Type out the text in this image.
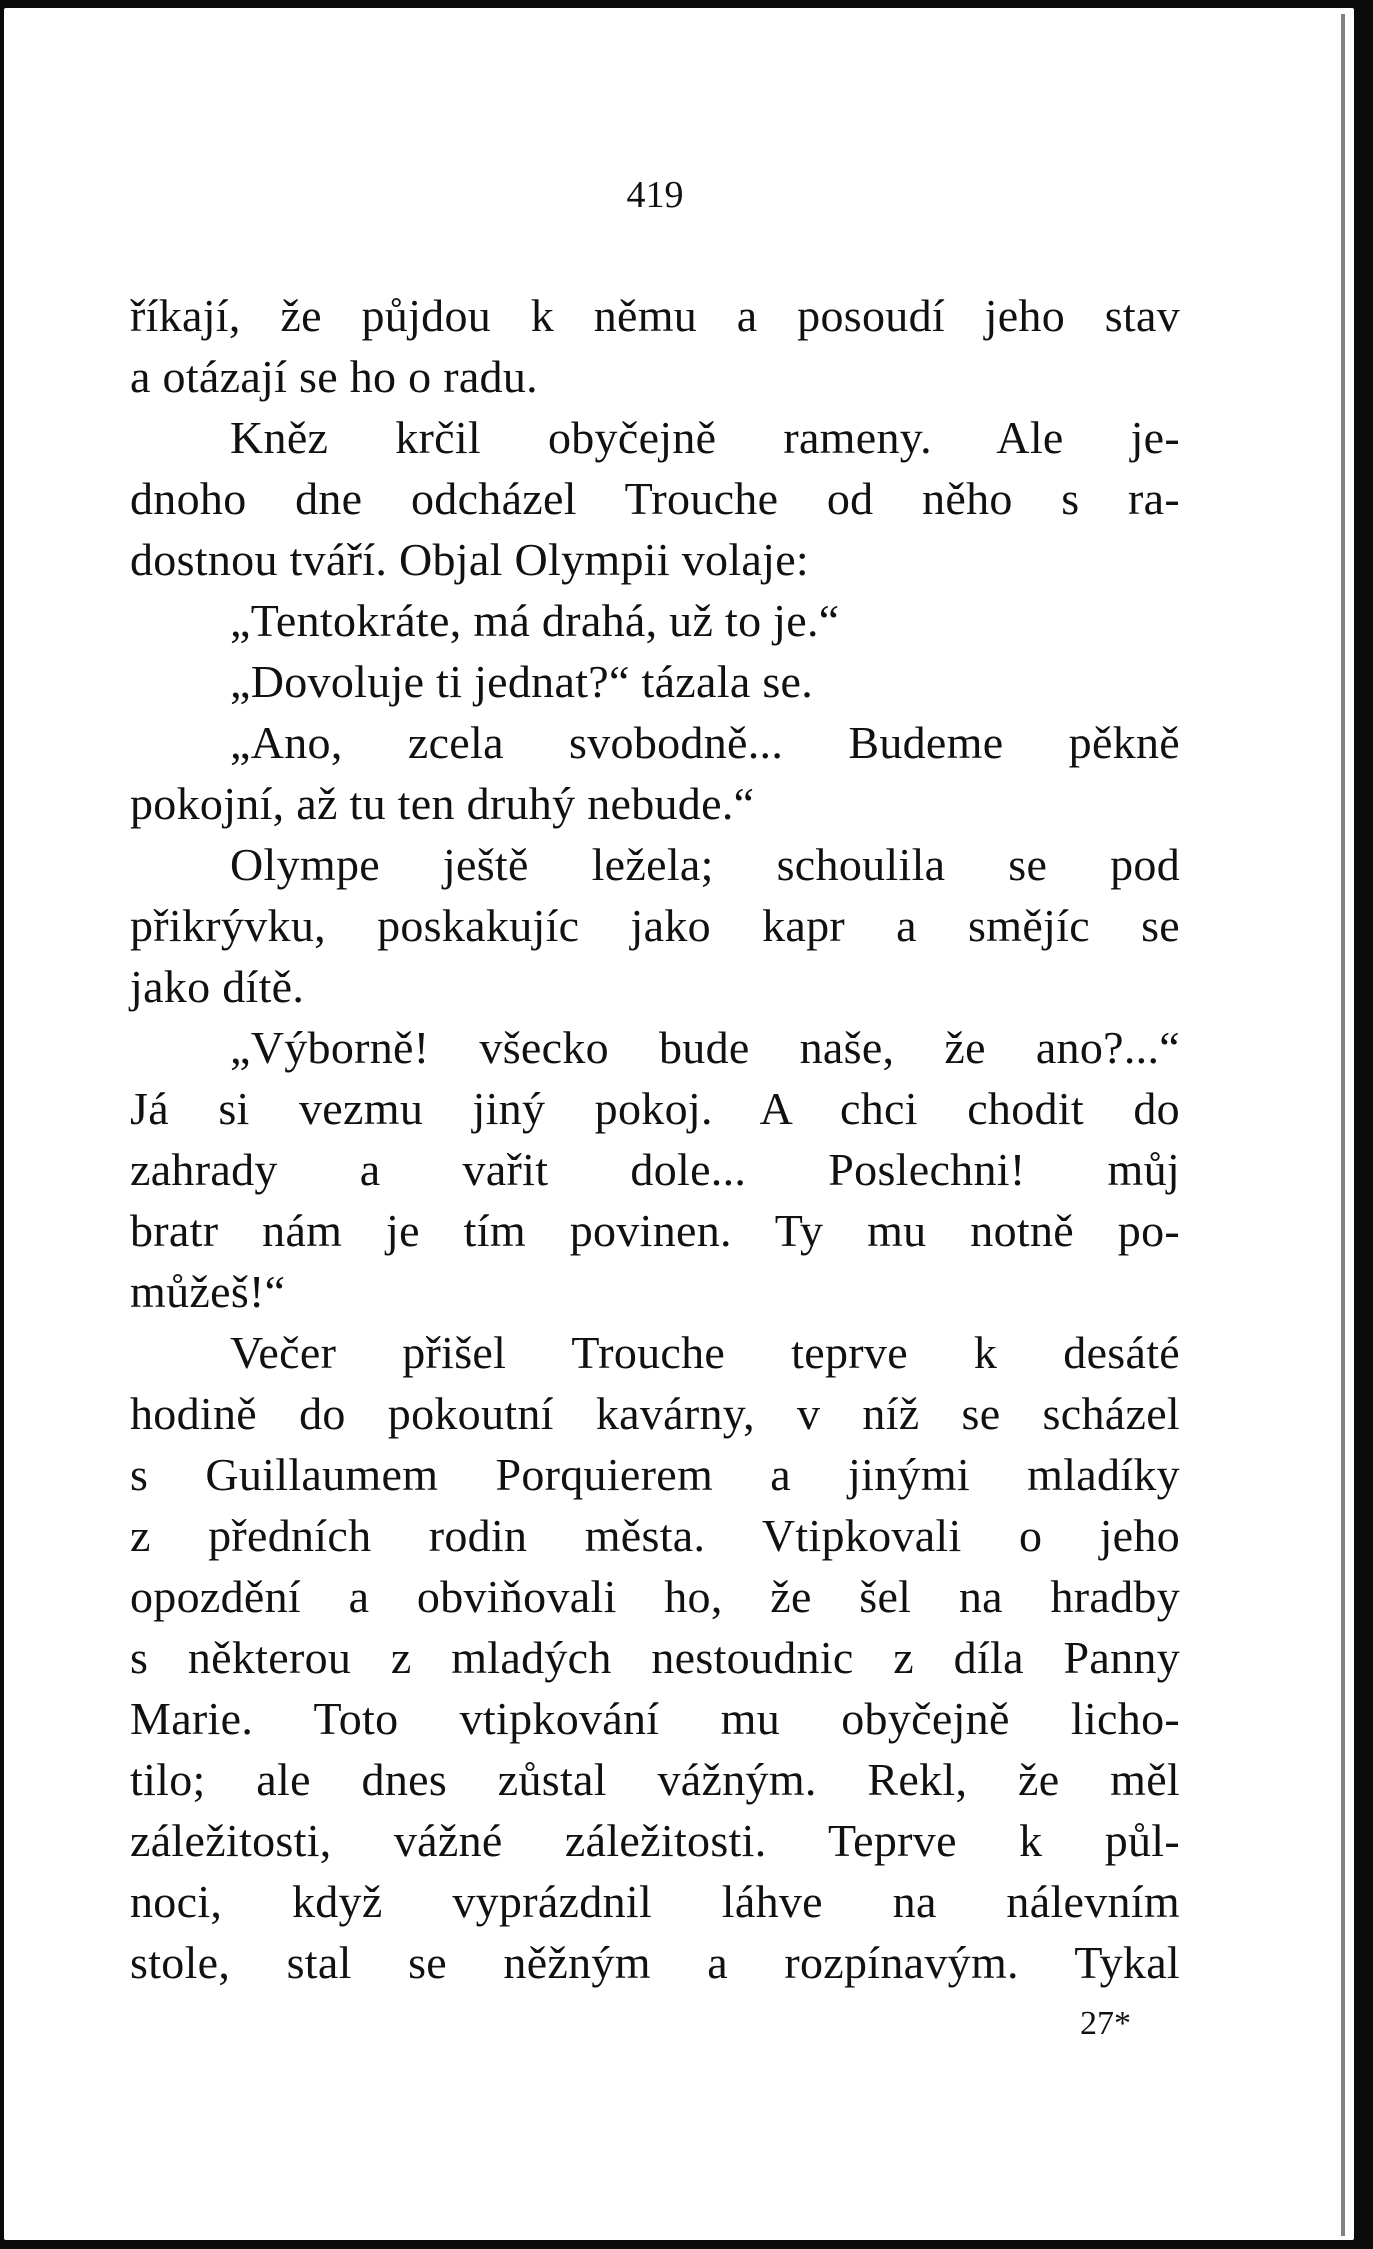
419
říkají, že půjdou k němu a posoudí jeho stav
a otázají se ho o radu.
Kněz krčil obyčejně rameny. Ale je-
dnoho dne odcházel Trouche od něho s ra-
dostnou tváří. Objal Olympii volaje:
„Tentokráte, má drahá, už to je.“
„Dovoluje ti jednat?“ tázala se.
„Ano, zcela svobodně... Budeme pěkně
pokojní, až tu ten druhý nebude.“
Olympe ještě ležela; schoulila se pod
přikrývku, poskakujíc jako kapr a smějíc se
jako dítě.
„Výborně! všecko bude naše, že ano?...“
Já si vezmu jiný pokoj. A chci chodit do
zahrady a vařit dole... Poslechni! můj
bratr nám je tím povinen. Ty mu notně po-
můžeš!“
Večer přišel Trouche teprve k desáté
hodině do pokoutní kavárny, v níž se scházel
s Guillaumem Porquierem a jinými mladíky
z předních rodin města. Vtipkovali o jeho
opozdění a obviňovali ho, že šel na hradby
s některou z mladých nestoudnic z díla Panny
Marie. Toto vtipkování mu obyčejně licho-
tilo; ale dnes zůstal vážným. Rekl, že měl
záležitosti, vážné záležitosti. Teprve k půl-
noci, když vyprázdnil láhve na nálevním
stole, stal se něžným a rozpínavým. Tykal
27*
